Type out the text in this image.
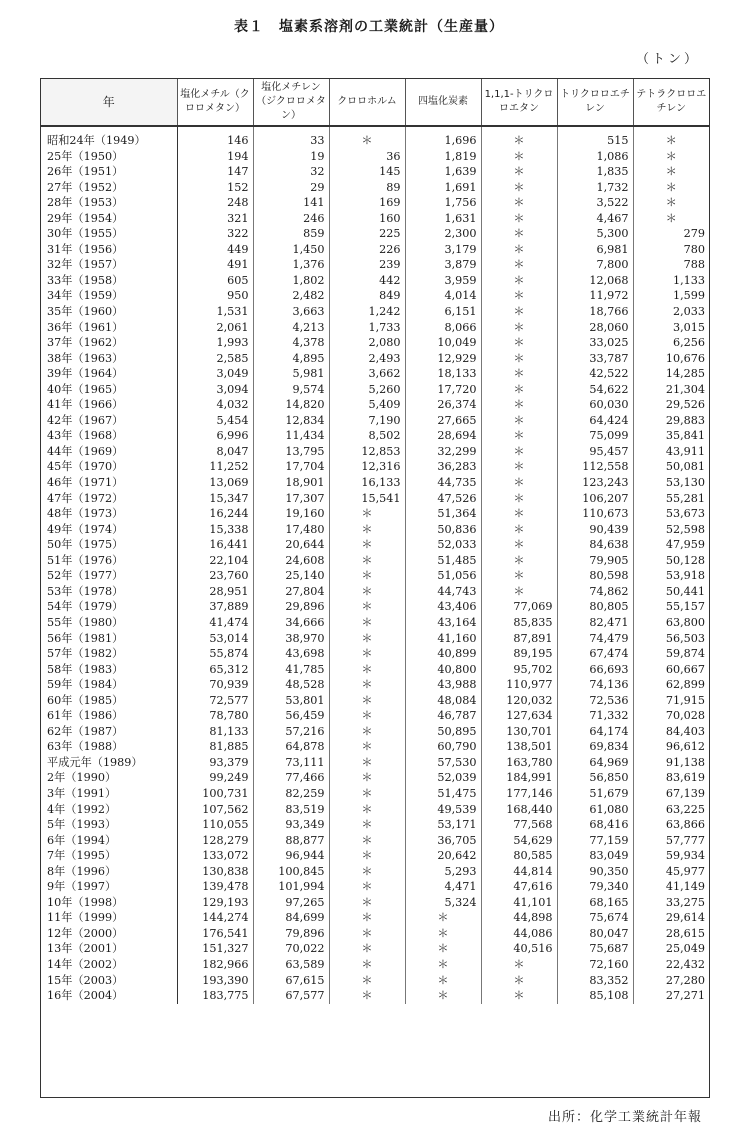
表１　塩素系溶剤の工業統計（生産量）
（トン）
年	塩化メチル（クロロメタン）	塩化メチレン（ジクロロメタン）	クロロホルム	四塩化炭素	1,1,1-トリクロロエタン	トリクロロエチレン	テトラクロロエチレン
昭和24年（1949）	146	33	＊	1,696	＊	515	＊
25年（1950）	194	19	36	1,819	＊	1,086	＊
26年（1951）	147	32	145	1,639	＊	1,835	＊
27年（1952）	152	29	89	1,691	＊	1,732	＊
28年（1953）	248	141	169	1,756	＊	3,522	＊
29年（1954）	321	246	160	1,631	＊	4,467	＊
30年（1955）	322	859	225	2,300	＊	5,300	279
31年（1956）	449	1,450	226	3,179	＊	6,981	780
32年（1957）	491	1,376	239	3,879	＊	7,800	788
33年（1958）	605	1,802	442	3,959	＊	12,068	1,133
34年（1959）	950	2,482	849	4,014	＊	11,972	1,599
35年（1960）	1,531	3,663	1,242	6,151	＊	18,766	2,033
36年（1961）	2,061	4,213	1,733	8,066	＊	28,060	3,015
37年（1962）	1,993	4,378	2,080	10,049	＊	33,025	6,256
38年（1963）	2,585	4,895	2,493	12,929	＊	33,787	10,676
39年（1964）	3,049	5,981	3,662	18,133	＊	42,522	14,285
40年（1965）	3,094	9,574	5,260	17,720	＊	54,622	21,304
41年（1966）	4,032	14,820	5,409	26,374	＊	60,030	29,526
42年（1967）	5,454	12,834	7,190	27,665	＊	64,424	29,883
43年（1968）	6,996	11,434	8,502	28,694	＊	75,099	35,841
44年（1969）	8,047	13,795	12,853	32,299	＊	95,457	43,911
45年（1970）	11,252	17,704	12,316	36,283	＊	112,558	50,081
46年（1971）	13,069	18,901	16,133	44,735	＊	123,243	53,130
47年（1972）	15,347	17,307	15,541	47,526	＊	106,207	55,281
48年（1973）	16,244	19,160	＊	51,364	＊	110,673	53,673
49年（1974）	15,338	17,480	＊	50,836	＊	90,439	52,598
50年（1975）	16,441	20,644	＊	52,033	＊	84,638	47,959
51年（1976）	22,104	24,608	＊	51,485	＊	79,905	50,128
52年（1977）	23,760	25,140	＊	51,056	＊	80,598	53,918
53年（1978）	28,951	27,804	＊	44,743	＊	74,862	50,441
54年（1979）	37,889	29,896	＊	43,406	77,069	80,805	55,157
55年（1980）	41,474	34,666	＊	43,164	85,835	82,471	63,800
56年（1981）	53,014	38,970	＊	41,160	87,891	74,479	56,503
57年（1982）	55,874	43,698	＊	40,899	89,195	67,474	59,874
58年（1983）	65,312	41,785	＊	40,800	95,702	66,693	60,667
59年（1984）	70,939	48,528	＊	43,988	110,977	74,136	62,899
60年（1985）	72,577	53,801	＊	48,084	120,032	72,536	71,915
61年（1986）	78,780	56,459	＊	46,787	127,634	71,332	70,028
62年（1987）	81,133	57,216	＊	50,895	130,701	64,174	84,403
63年（1988）	81,885	64,878	＊	60,790	138,501	69,834	96,612
平成元年（1989）	93,379	73,111	＊	57,530	163,780	64,969	91,138
2年（1990）	99,249	77,466	＊	52,039	184,991	56,850	83,619
3年（1991）	100,731	82,259	＊	51,475	177,146	51,679	67,139
4年（1992）	107,562	83,519	＊	49,539	168,440	61,080	63,225
5年（1993）	110,055	93,349	＊	53,171	77,568	68,416	63,866
6年（1994）	128,279	88,877	＊	36,705	54,629	77,159	57,777
7年（1995）	133,072	96,944	＊	20,642	80,585	83,049	59,934
8年（1996）	130,838	100,845	＊	5,293	44,814	90,350	45,977
9年（1997）	139,478	101,994	＊	4,471	47,616	79,340	41,149
10年（1998）	129,193	97,265	＊	5,324	41,101	68,165	33,275
11年（1999）	144,274	84,699	＊	＊	44,898	75,674	29,614
12年（2000）	176,541	79,896	＊	＊	44,086	80,047	28,615
13年（2001）	151,327	70,022	＊	＊	40,516	75,687	25,049
14年（2002）	182,966	63,589	＊	＊	＊	72,160	22,432
15年（2003）	193,390	67,615	＊	＊	＊	83,352	27,280
16年（2004）	183,775	67,577	＊	＊	＊	85,108	27,271
出所：化学工業統計年報
